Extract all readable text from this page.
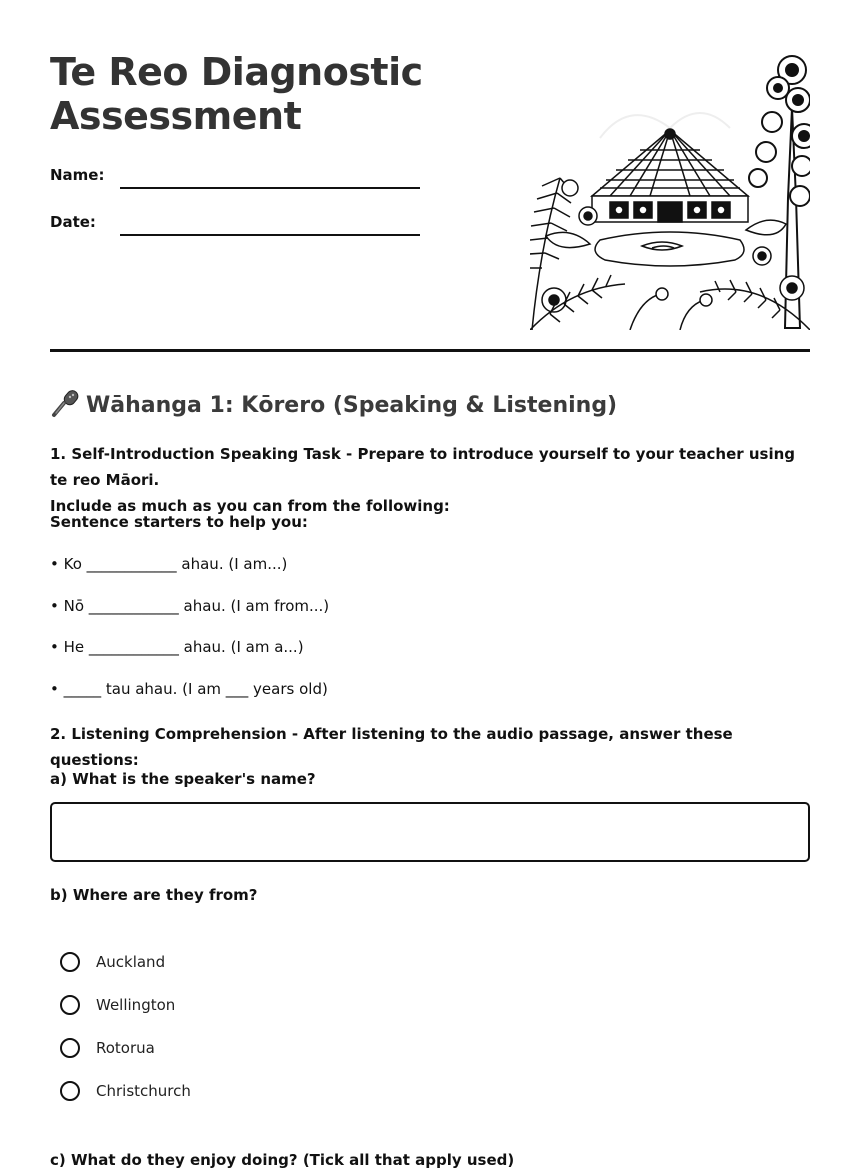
Te Reo Diagnostic
Assessment
Name:
Date:
Wāhanga 1: Kōrero (Speaking & Listening)
1. Self-Introduction Speaking Task - Prepare to introduce yourself to your teacher using te reo Māori.
Include as much as you can from the following:
Sentence starters to help you:
• Ko ____________ ahau. (I am...)
• Nō ____________ ahau. (I am from...)
• He ____________ ahau. (I am a...)
• _____ tau ahau. (I am ___ years old)
2. Listening Comprehension - After listening to the audio passage, answer these questions:
a) What is the speaker's name?
b) Where are they from?
Auckland
Wellington
Rotorua
Christchurch
c) What do they enjoy doing? (Tick all that apply used)
